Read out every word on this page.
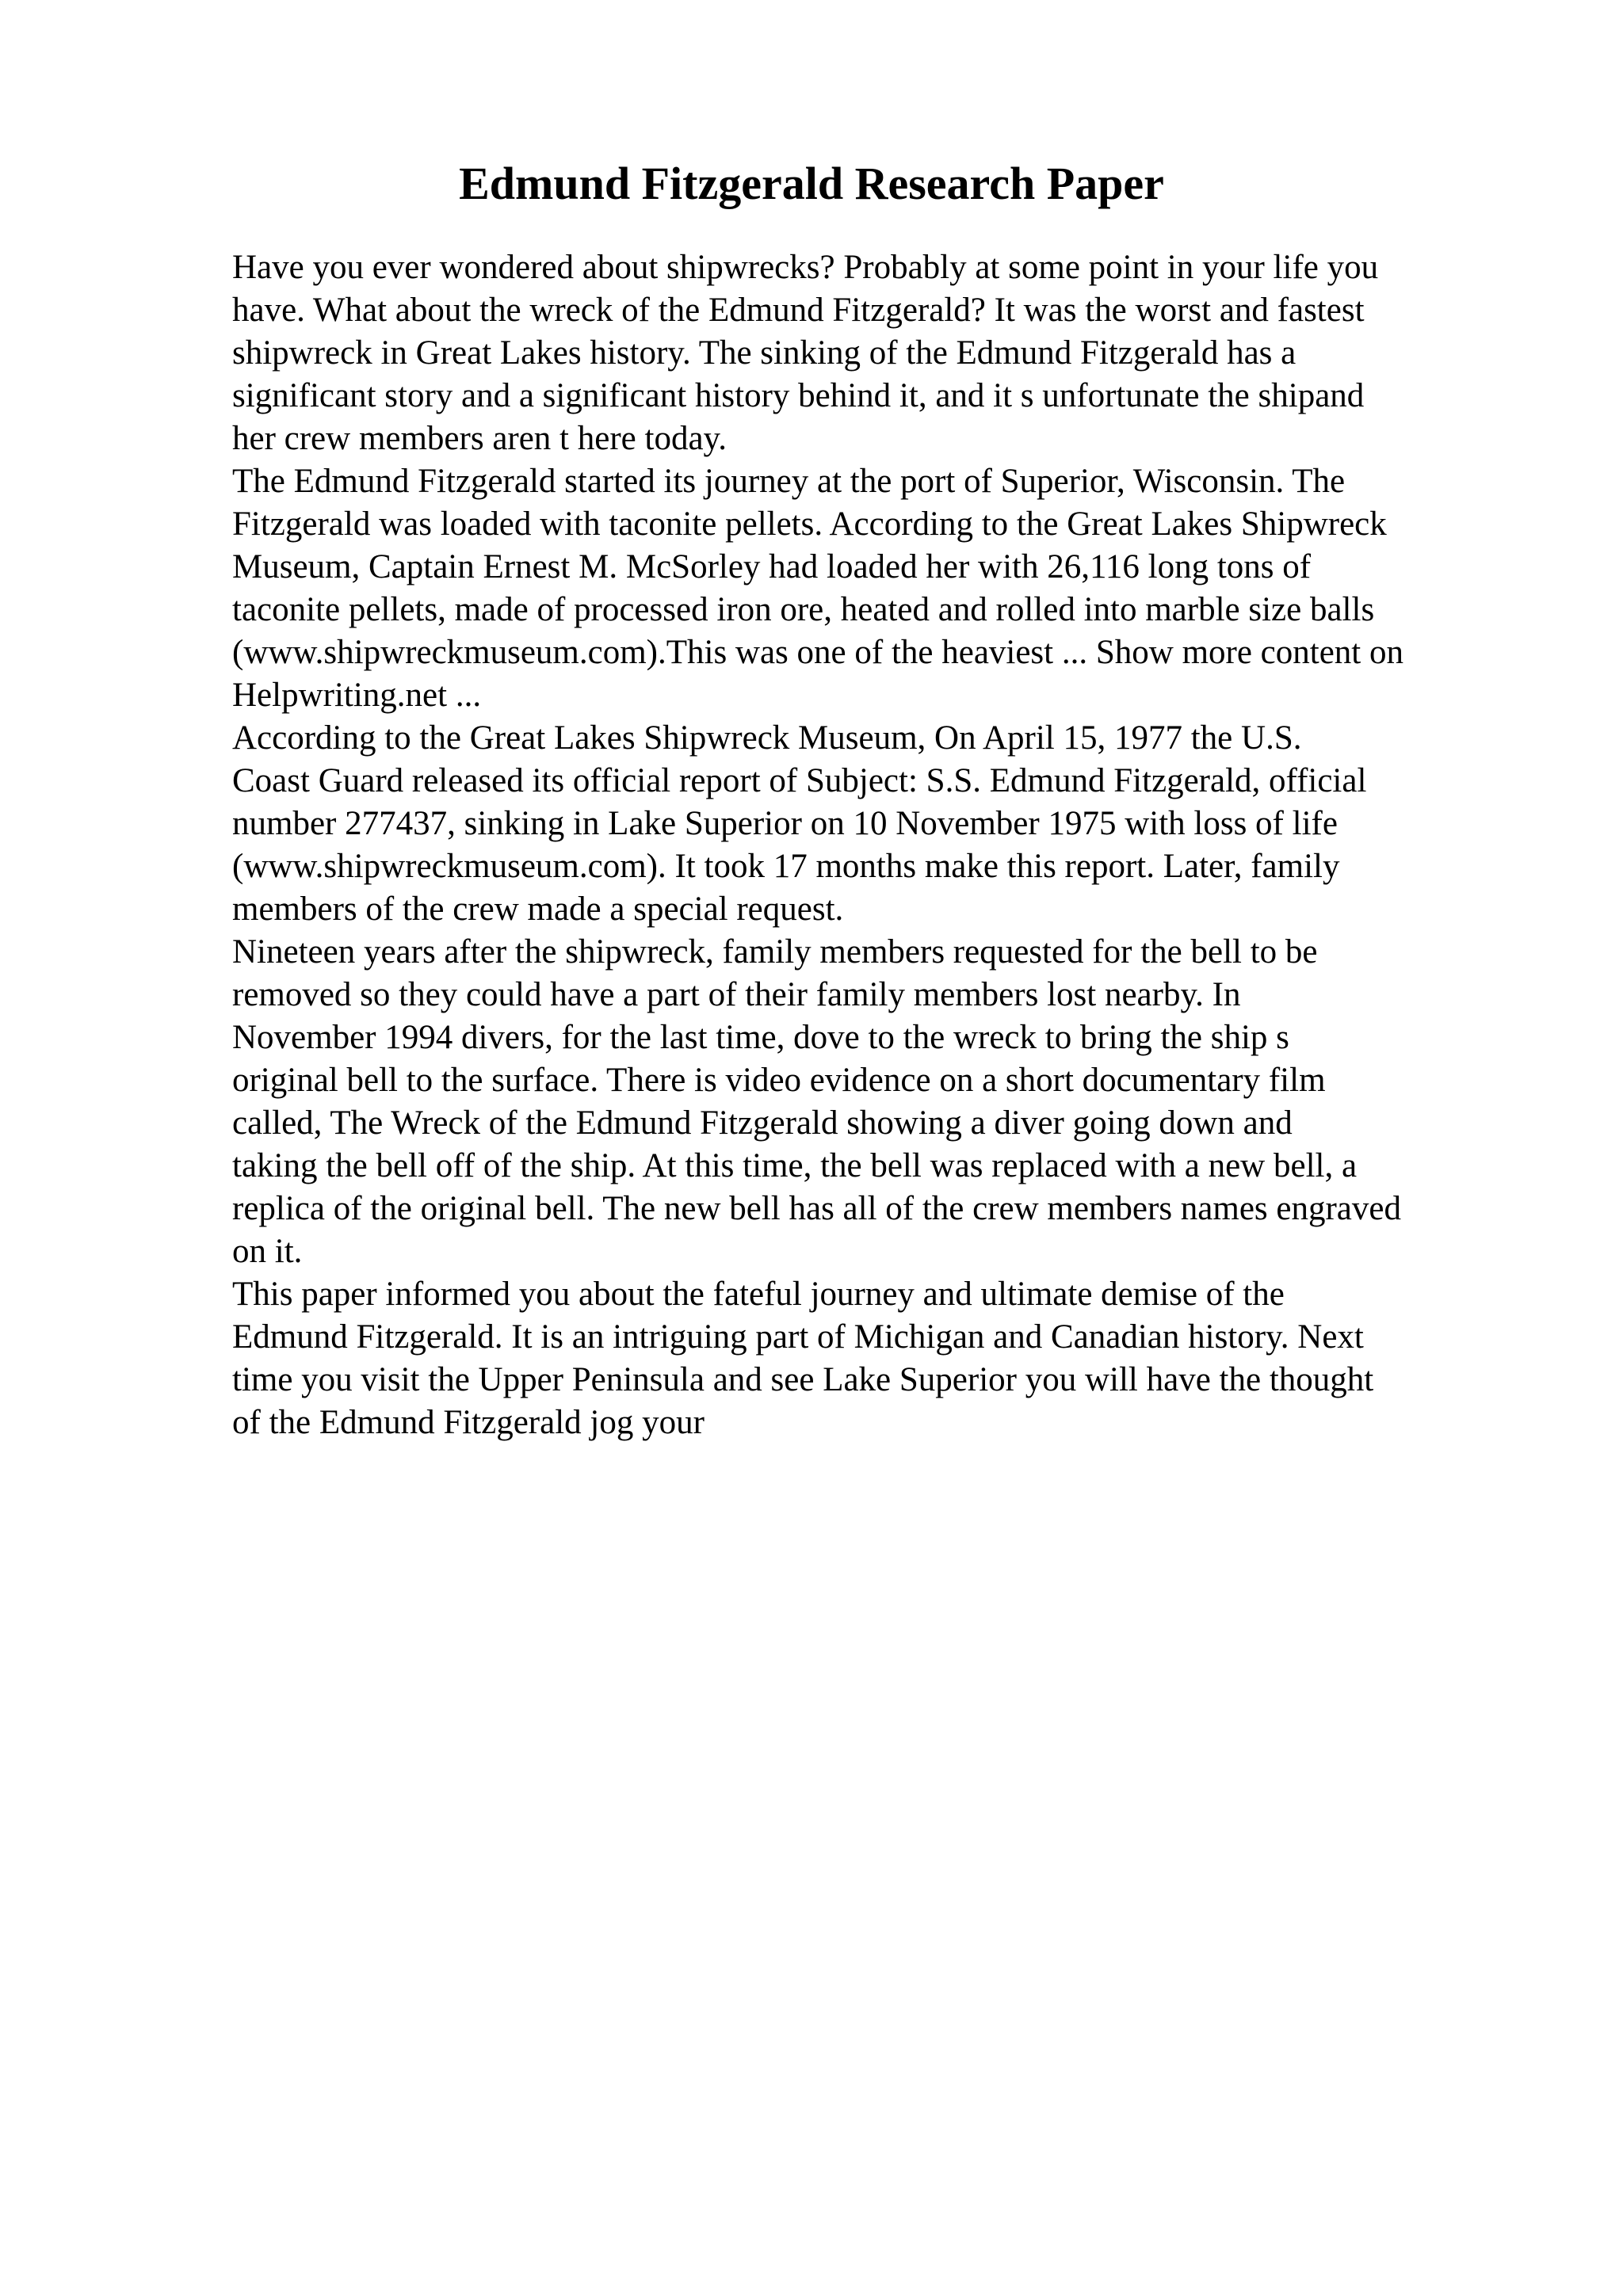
Edmund Fitzgerald Research Paper
Have you ever wondered about shipwrecks? Probably at some point in your life you
have. What about the wreck of the Edmund Fitzgerald? It was the worst and fastest
shipwreck in Great Lakes history. The sinking of the Edmund Fitzgerald has a
significant story and a significant history behind it, and it s unfortunate the shipand
her crew members aren t here today.
The Edmund Fitzgerald started its journey at the port of Superior, Wisconsin. The
Fitzgerald was loaded with taconite pellets. According to the Great Lakes Shipwreck
Museum, Captain Ernest M. McSorley had loaded her with 26,116 long tons of
taconite pellets, made of processed iron ore, heated and rolled into marble size balls
(www.shipwreckmuseum.com).This was one of the heaviest ... Show more content on
Helpwriting.net ...
According to the Great Lakes Shipwreck Museum, On April 15, 1977 the U.S.
Coast Guard released its official report of Subject: S.S. Edmund Fitzgerald, official
number 277437, sinking in Lake Superior on 10 November 1975 with loss of life
(www.shipwreckmuseum.com). It took 17 months make this report. Later, family
members of the crew made a special request.
Nineteen years after the shipwreck, family members requested for the bell to be
removed so they could have a part of their family members lost nearby. In
November 1994 divers, for the last time, dove to the wreck to bring the ship s
original bell to the surface. There is video evidence on a short documentary film
called, The Wreck of the Edmund Fitzgerald showing a diver going down and
taking the bell off of the ship. At this time, the bell was replaced with a new bell, a
replica of the original bell. The new bell has all of the crew members names engraved
on it.
This paper informed you about the fateful journey and ultimate demise of the
Edmund Fitzgerald. It is an intriguing part of Michigan and Canadian history. Next
time you visit the Upper Peninsula and see Lake Superior you will have the thought
of the Edmund Fitzgerald jog your
